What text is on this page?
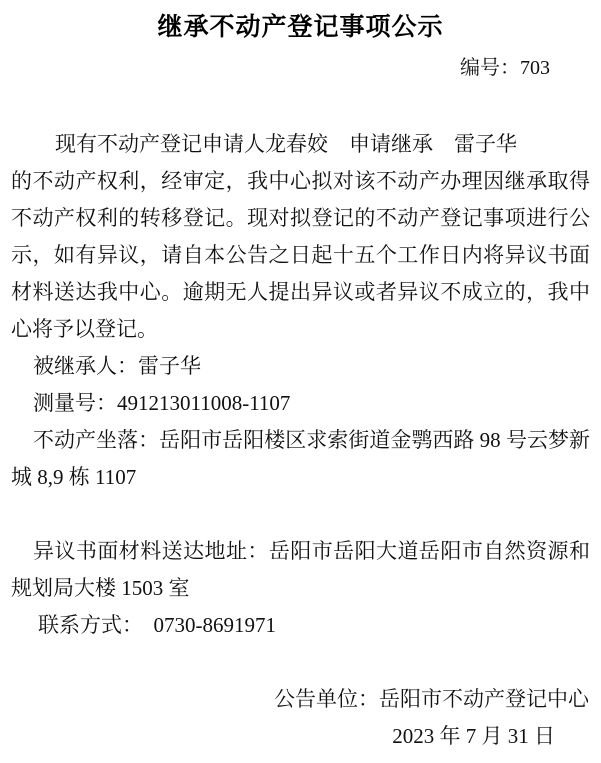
继承不动产登记事项公示
编号：703
现有不动产登记申请人龙春姣　申请继承　雷子华
的不动产权利，经审定，我中心拟对该不动产办理因继承取得
不动产权利的转移登记。现对拟登记的不动产登记事项进行公
示，如有异议，请自本公告之日起十五个工作日内将异议书面
材料送达我中心。逾期无人提出异议或者异议不成立的，我中
心将予以登记。
被继承人：雷子华
测量号：491213011008-1107
不动产坐落：岳阳市岳阳楼区求索街道金鹗西路 98 号云梦新
城 8,9 栋 1107
异议书面材料送达地址：岳阳市岳阳大道岳阳市自然资源和
规划局大楼 1503 室
联系方式：　0730-8691971
公告单位：岳阳市不动产登记中心
2023 年 7 月 31 日
